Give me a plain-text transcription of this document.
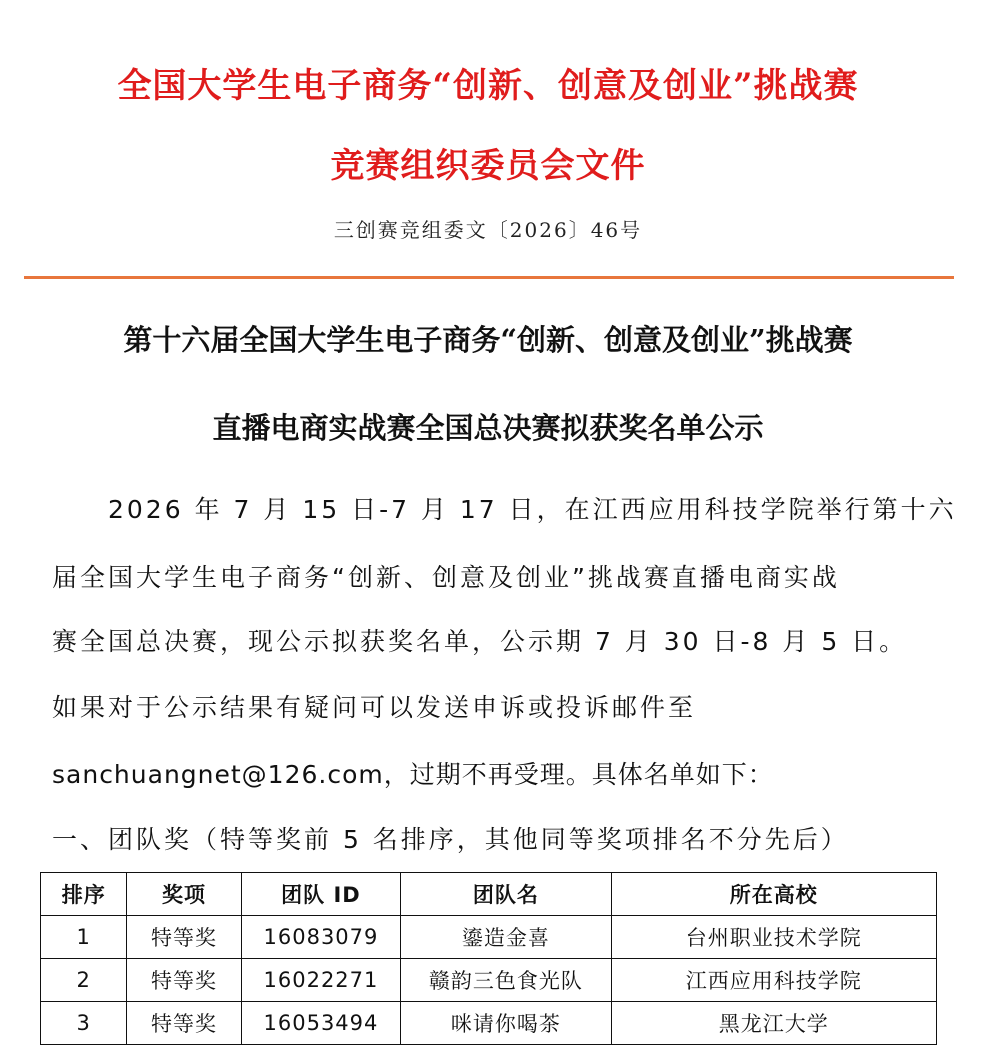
全国大学生电子商务“创新、创意及创业”挑战赛
竞赛组织委员会文件
三创赛竞组委文〔2026〕46号
第十六届全国大学生电子商务“创新、创意及创业”挑战赛
直播电商实战赛全国总决赛拟获奖名单公示
2026 年 7 月 15 日-7 月 17 日，在江西应用科技学院举行第十六
届全国大学生电子商务“创新、创意及创业”挑战赛直播电商实战
赛全国总决赛，现公示拟获奖名单，公示期 7 月 30 日-8 月 5 日。
如果对于公示结果有疑问可以发送申诉或投诉邮件至
sanchuangnet@126.com，过期不再受理。具体名单如下：
一、团队奖（特等奖前 5 名排序，其他同等奖项排名不分先后）
排序	奖项	团队 ID	团队名	所在高校
1	特等奖	16083079	鎏造金喜	台州职业技术学院
2	特等奖	16022271	赣韵三色食光队	江西应用科技学院
3	特等奖	16053494	咪请你喝茶	黑龙江大学
